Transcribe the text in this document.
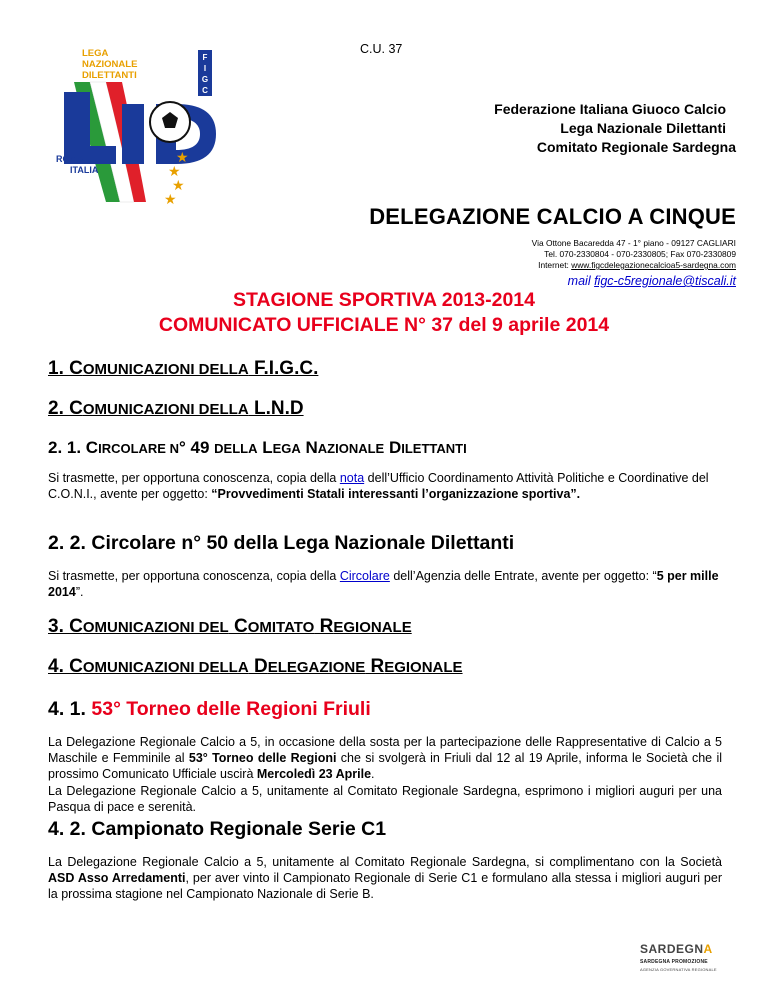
C.U. 37
F
I
G
C
LEGA
NAZIONALE
DILETTANTI
ROMA
ITALIA
★
★
★
★
Federazione Italiana Giuoco Calcio
Lega Nazionale Dilettanti
Comitato Regionale Sardegna
DELEGAZIONE CALCIO A CINQUE
Via Ottone Bacaredda 47 - 1° piano - 09127 CAGLIARI
Tel. 070-2330804 - 070-2330805; Fax 070-2330809
Internet: www.figcdelegazionecalcioa5-sardegna.com
mail figc-c5regionale@tiscali.it
STAGIONE SPORTIVA 2013-2014
COMUNICATO UFFICIALE N° 37 del 9 aprile 2014
1. COMUNICAZIONI DELLA F.I.G.C.
2. COMUNICAZIONI DELLA L.N.D
2. 1. CIRCOLARE N° 49 DELLA LEGA NAZIONALE DILETTANTI
Si trasmette, per opportuna conoscenza, copia della nota dell’Ufficio Coordinamento Attività Politiche e Coordinative del C.O.N.I., avente per oggetto: “Provvedimenti Statali interessanti l’organizzazione sportiva”.
2. 2. Circolare n° 50 della Lega Nazionale Dilettanti
Si trasmette, per opportuna conoscenza, copia della Circolare dell’Agenzia delle Entrate, avente per oggetto: “5 per mille 2014”.
3. COMUNICAZIONI DEL COMITATO REGIONALE
4. COMUNICAZIONI DELLA DELEGAZIONE REGIONALE
4. 1. 53° Torneo delle Regioni Friuli
La Delegazione Regionale Calcio a 5, in occasione della sosta per la partecipazione delle Rappresentative di Calcio a 5 Maschile e Femminile al 53° Torneo delle Regioni che si svolgerà in Friuli dal 12 al 19 Aprile, informa le Società che il prossimo Comunicato Ufficiale uscirà Mercoledì 23 Aprile.
La Delegazione Regionale Calcio a 5, unitamente al Comitato Regionale Sardegna, esprimono i migliori auguri per una Pasqua di pace e serenità.
4. 2. Campionato Regionale Serie C1
La Delegazione Regionale Calcio a 5, unitamente al Comitato Regionale Sardegna, si complimentano con la Società ASD Asso Arredamenti, per aver vinto il Campionato Regionale di Serie C1 e formulano alla stessa i migliori auguri per la prossima stagione nel Campionato Nazionale di Serie B.
SARDEGNA
SARDEGNA PROMOZIONE
AGENZIA GOVERNATIVA REGIONALE
